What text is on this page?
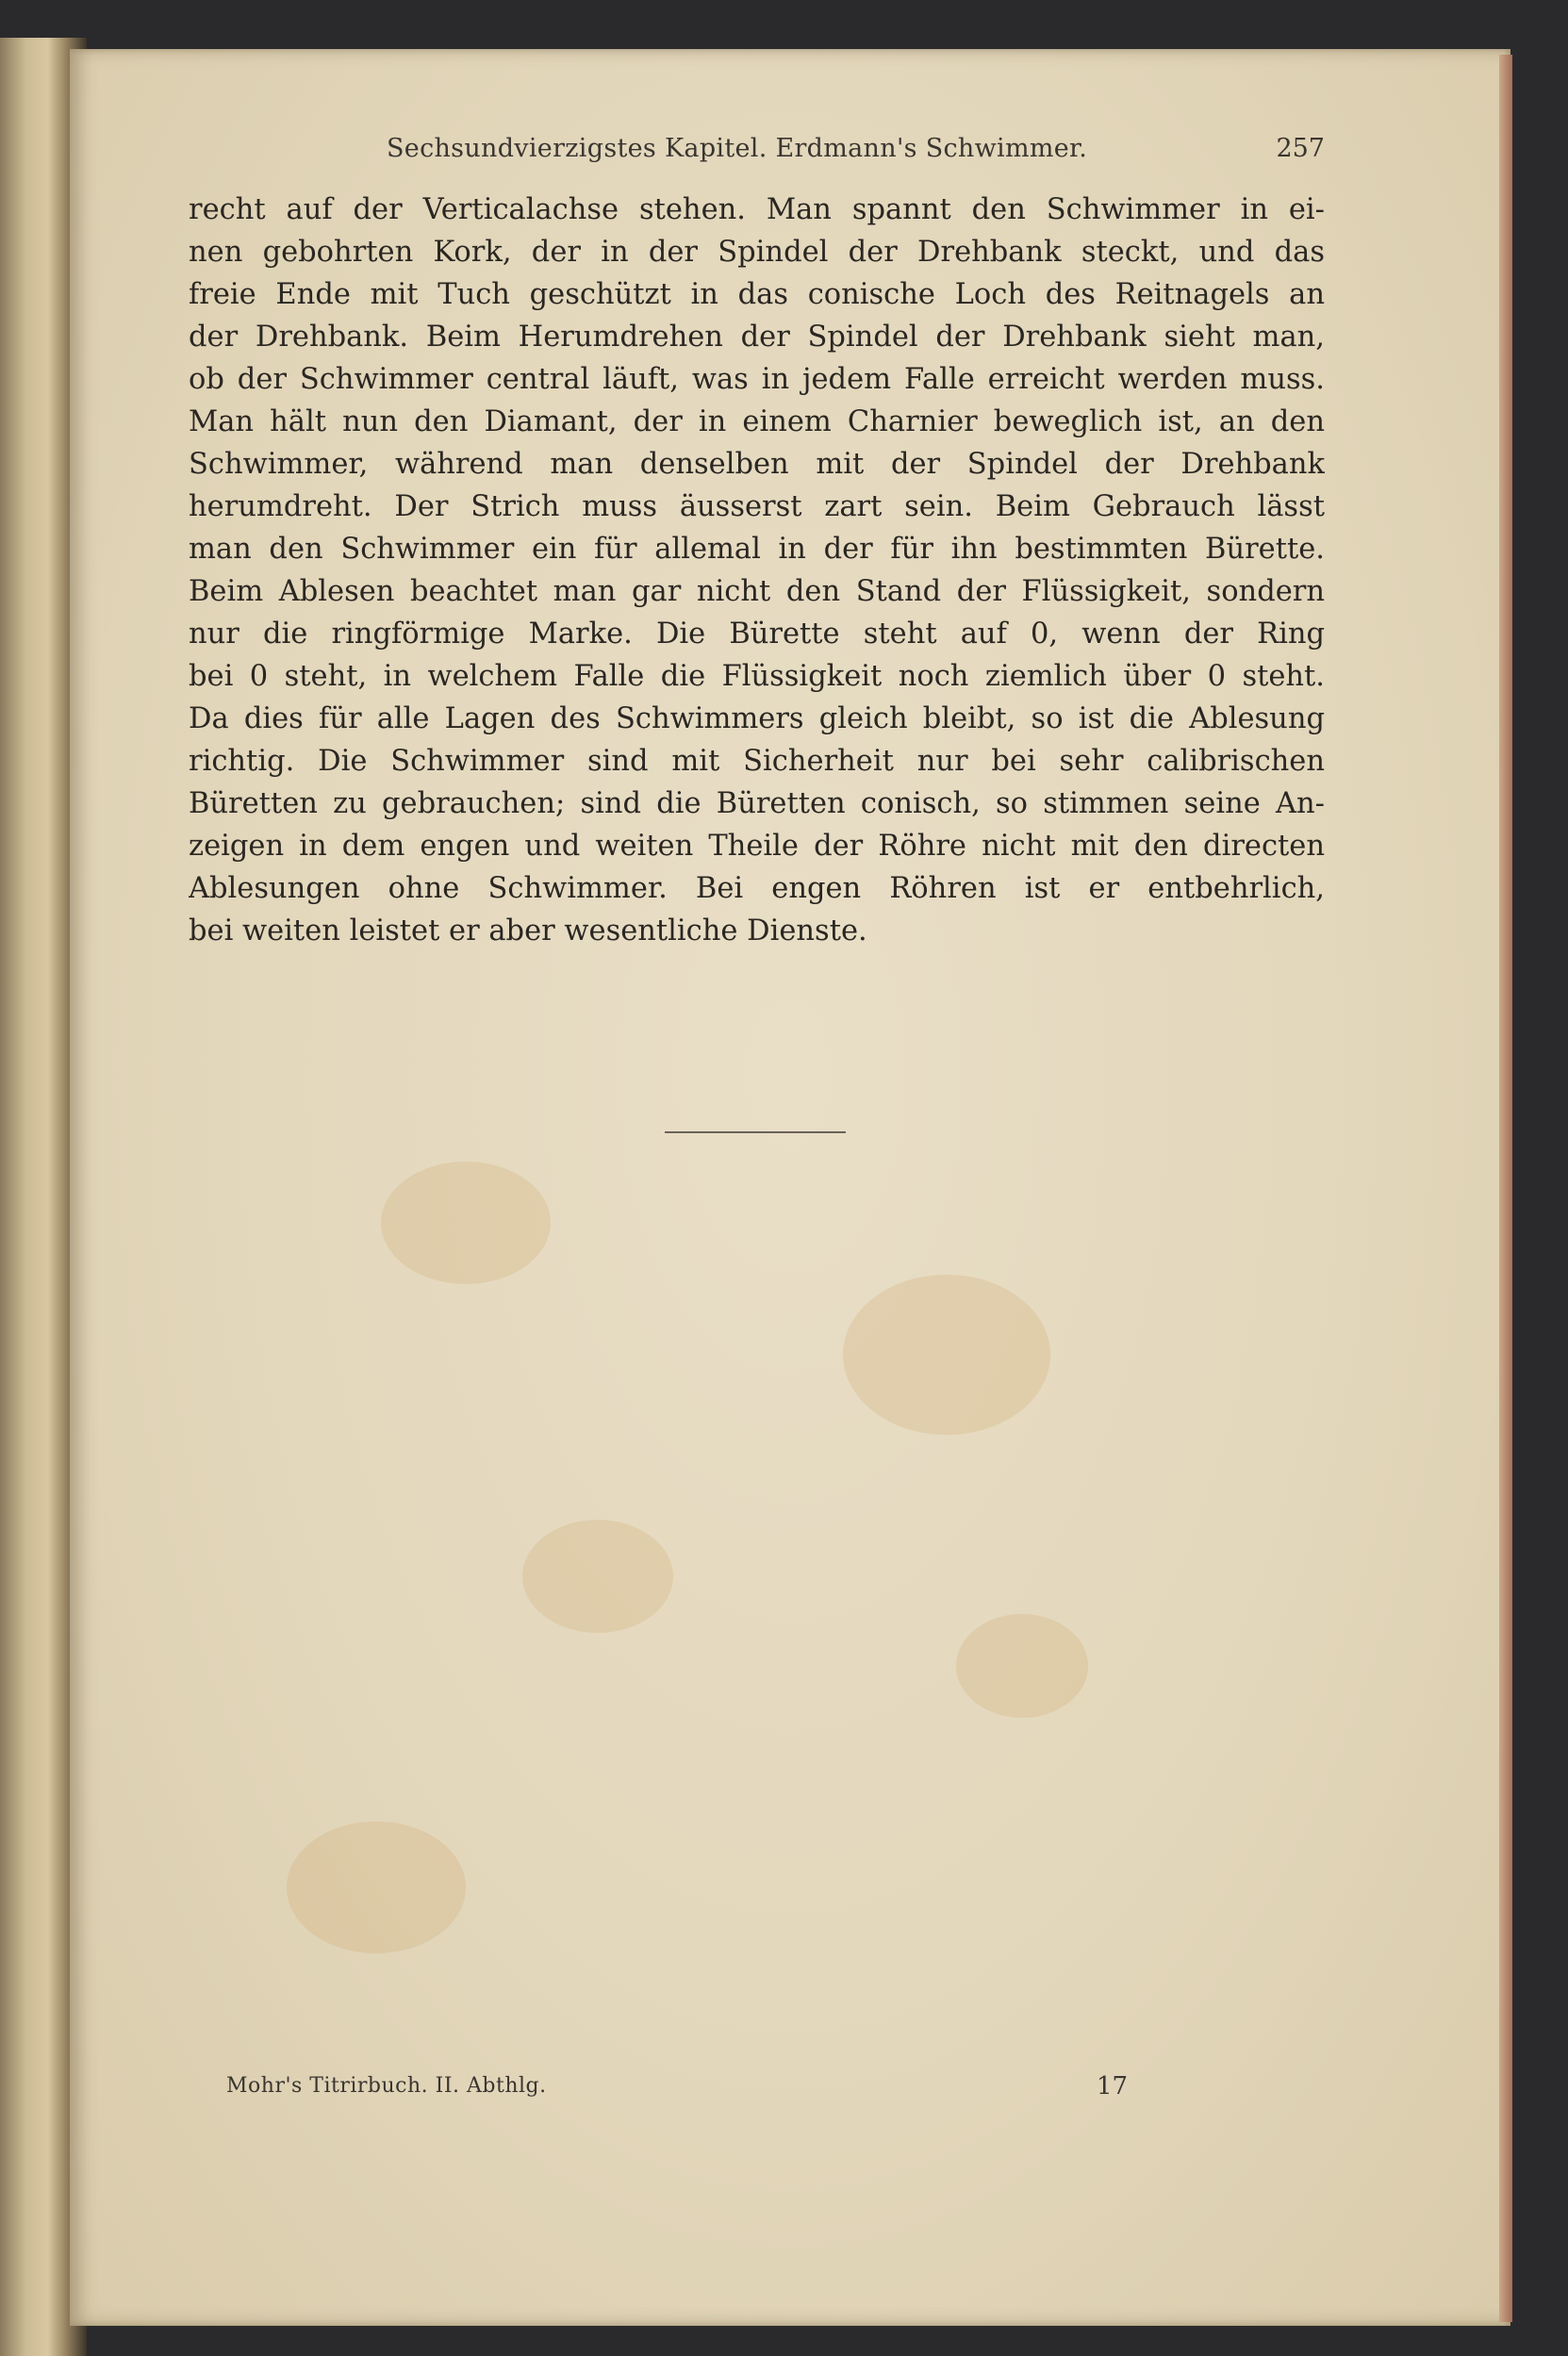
Sechsundvierzigstes Kapitel. Erdmann's Schwimmer.	257
recht auf der Verticalachse stehen. Man spannt den Schwimmer in ei-
nen gebohrten Kork, der in der Spindel der Drehbank steckt, und das
freie Ende mit Tuch geschützt in das conische Loch des Reitnagels an
der Drehbank. Beim Herumdrehen der Spindel der Drehbank sieht man,
ob der Schwimmer central läuft, was in jedem Falle erreicht werden muss.
Man hält nun den Diamant, der in einem Charnier beweglich ist, an den
Schwimmer, während man denselben mit der Spindel der Drehbank
herumdreht. Der Strich muss äusserst zart sein. Beim Gebrauch lässt
man den Schwimmer ein für allemal in der für ihn bestimmten Bürette.
Beim Ablesen beachtet man gar nicht den Stand der Flüssigkeit, sondern
nur die ringförmige Marke. Die Bürette steht auf 0, wenn der Ring
bei 0 steht, in welchem Falle die Flüssigkeit noch ziemlich über 0 steht.
Da dies für alle Lagen des Schwimmers gleich bleibt, so ist die Ablesung
richtig. Die Schwimmer sind mit Sicherheit nur bei sehr calibrischen
Büretten zu gebrauchen; sind die Büretten conisch, so stimmen seine An-
zeigen in dem engen und weiten Theile der Röhre nicht mit den directen
Ablesungen ohne Schwimmer. Bei engen Röhren ist er entbehrlich,
bei weiten leistet er aber wesentliche Dienste.
Mohr's Titrirbuch. II. Abthlg.	17
